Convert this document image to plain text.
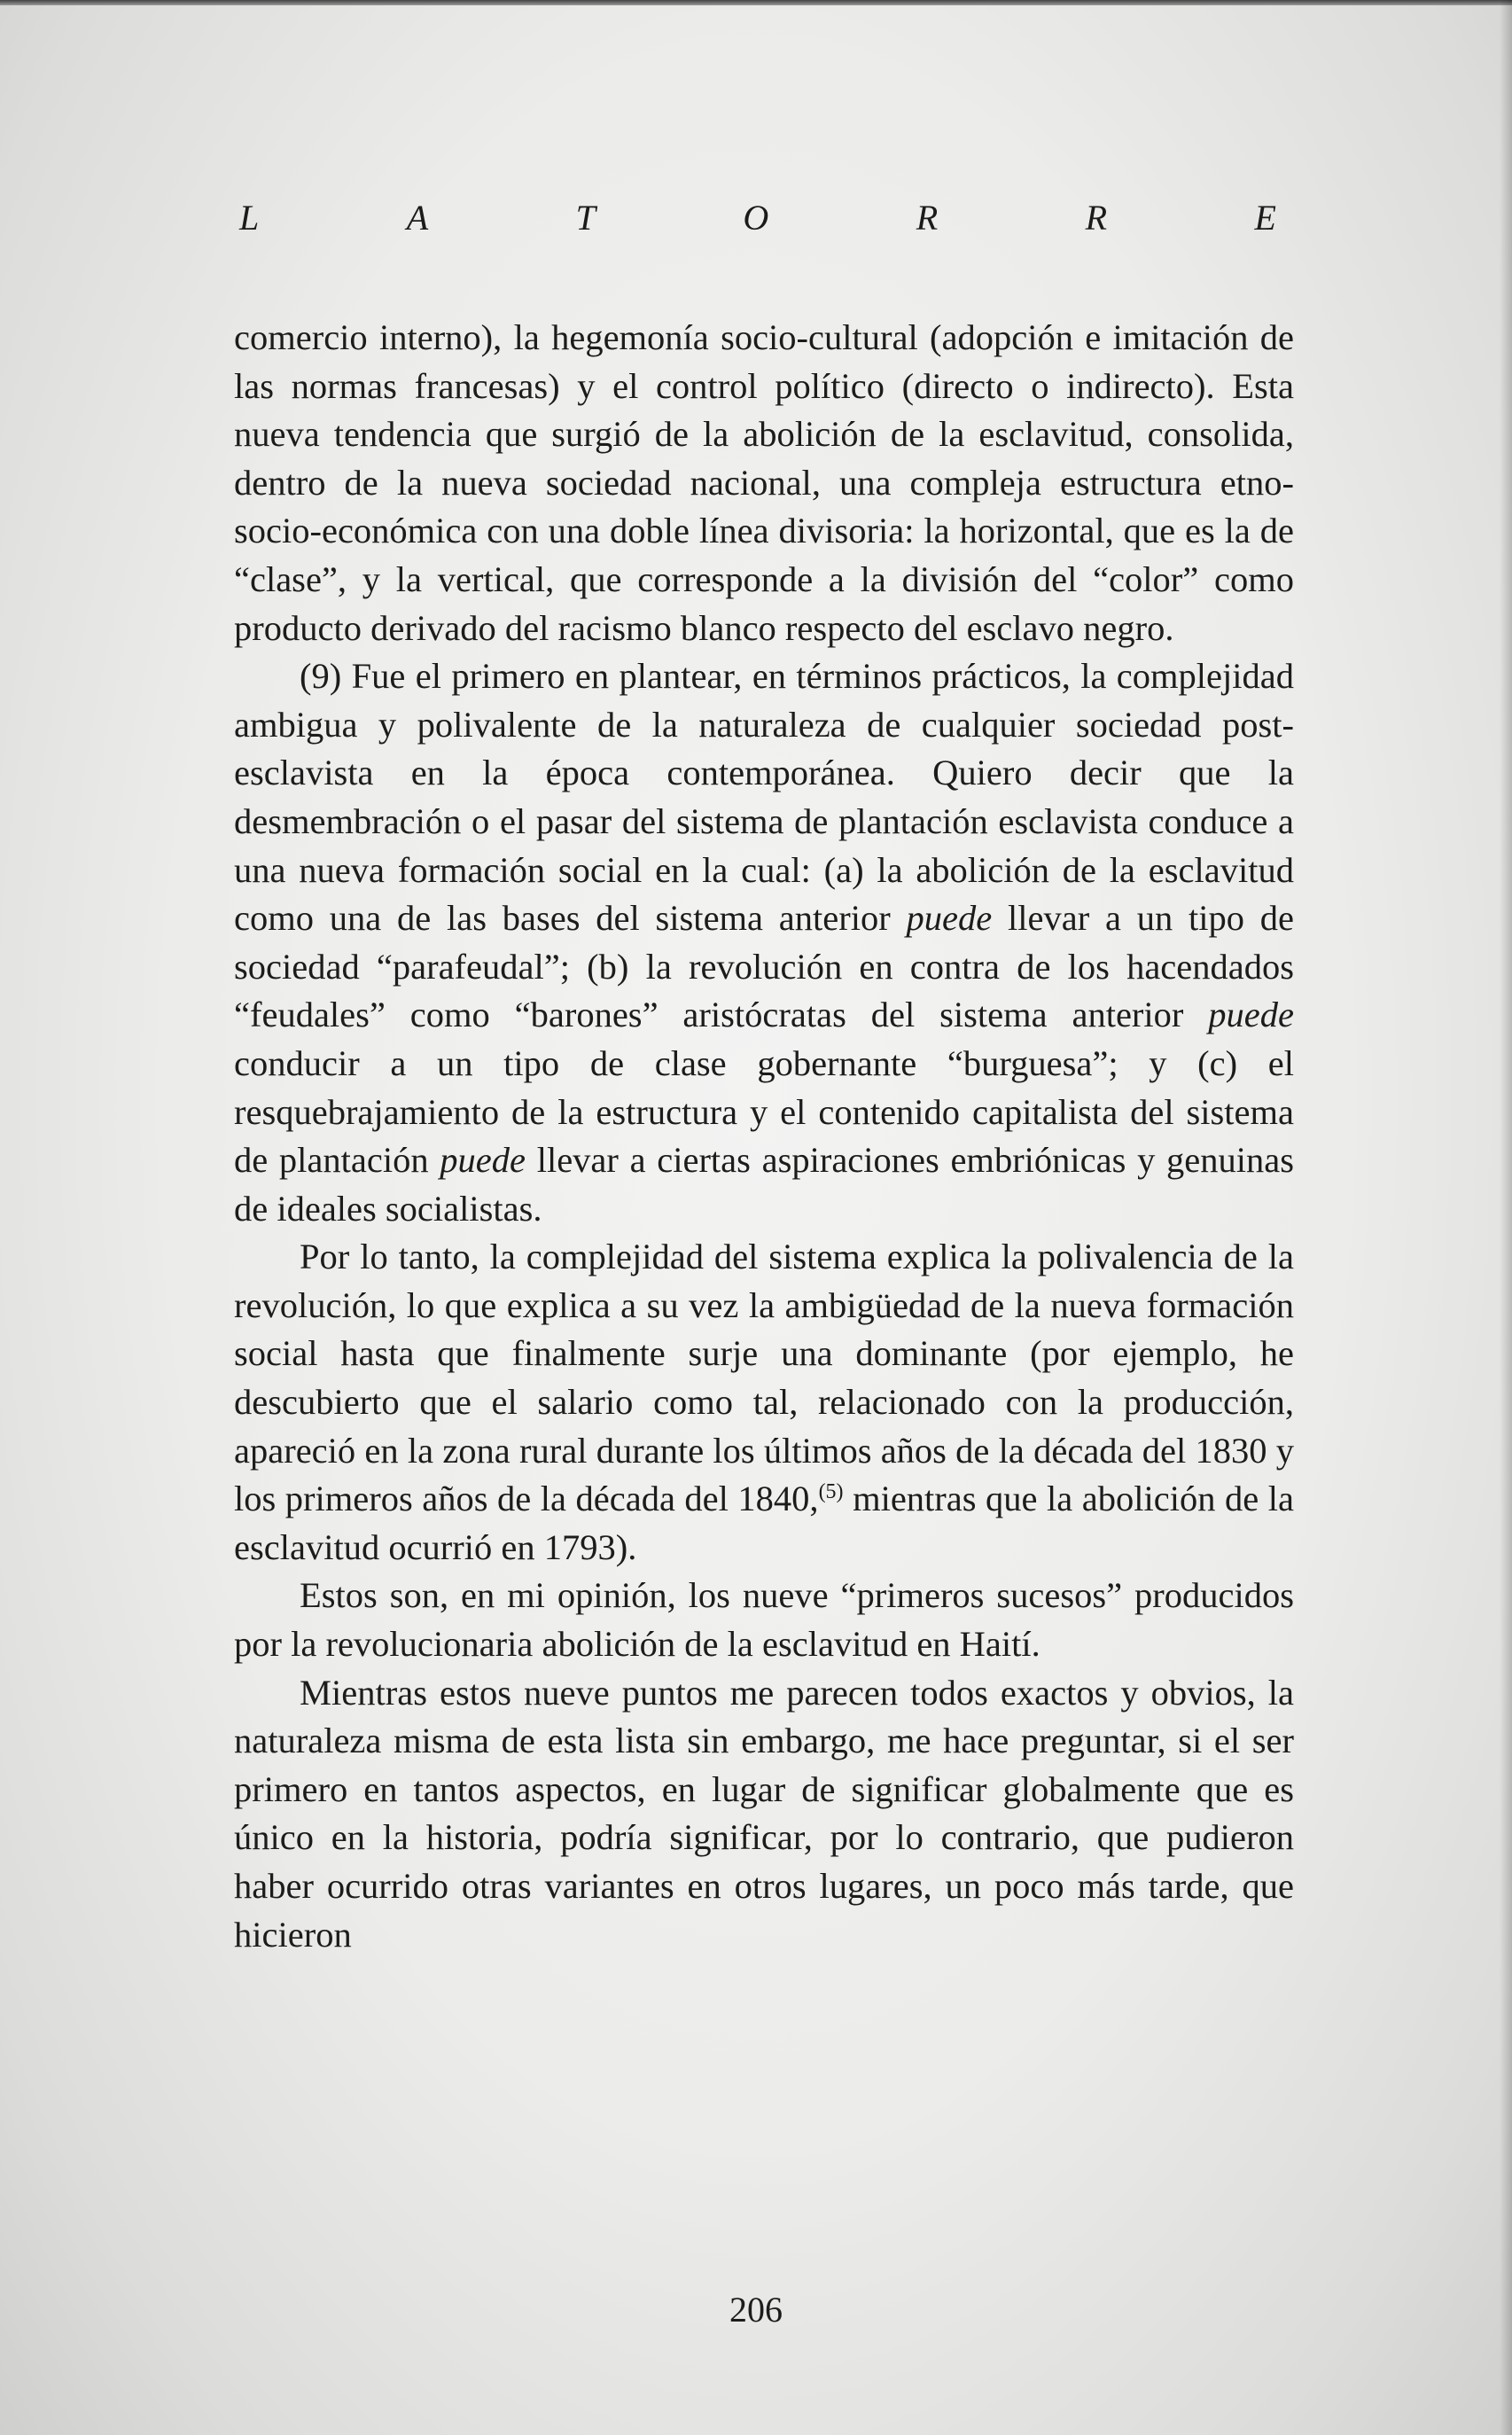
L	A	T	O	R	R	E

comercio interno), la hegemonía socio-cultural (adopción e imitación de las normas francesas) y el control político (directo o indirecto). Esta nueva tendencia que surgió de la abolición de la esclavitud, consolida, dentro de la nueva sociedad nacional, una compleja estructura etno-socio-económica con una doble línea divisoria: la horizontal, que es la de “clase”, y la vertical, que corresponde a la división del “color” como producto derivado del racismo blanco respecto del esclavo negro.

(9) Fue el primero en plantear, en términos prácticos, la complejidad ambigua y polivalente de la naturaleza de cualquier sociedad post-esclavista en la época contemporánea. Quiero decir que la desmembración o el pasar del sistema de plantación esclavista conduce a una nueva formación social en la cual: (a) la abolición de la esclavitud como una de las bases del sistema anterior puede llevar a un tipo de sociedad “parafeudal”; (b) la revolución en contra de los hacendados “feudales” como “barones” aristócratas del sistema anterior puede conducir a un tipo de clase gobernante “burguesa”; y (c) el resquebrajamiento de la estructura y el contenido capitalista del sistema de plantación puede llevar a ciertas aspiraciones embriónicas y genuinas de ideales socialistas.

Por lo tanto, la complejidad del sistema explica la polivalencia de la revolución, lo que explica a su vez la ambigüedad de la nueva formación social hasta que finalmente surje una dominante (por ejemplo, he descubierto que el salario como tal, relacionado con la producción, apareció en la zona rural durante los últimos años de la década del 1830 y los primeros años de la década del 1840,$^{(5)}$ mientras que la abolición de la esclavitud ocurrió en 1793).

Estos son, en mi opinión, los nueve “primeros sucesos” producidos por la revolucionaria abolición de la esclavitud en Haití.

Mientras estos nueve puntos me parecen todos exactos y obvios, la naturaleza misma de esta lista sin embargo, me hace preguntar, si el ser primero en tantos aspectos, en lugar de significar globalmente que es único en la historia, podría significar, por lo contrario, que pudieron haber ocurrido otras variantes en otros lugares, un poco más tarde, que hicieron

206
